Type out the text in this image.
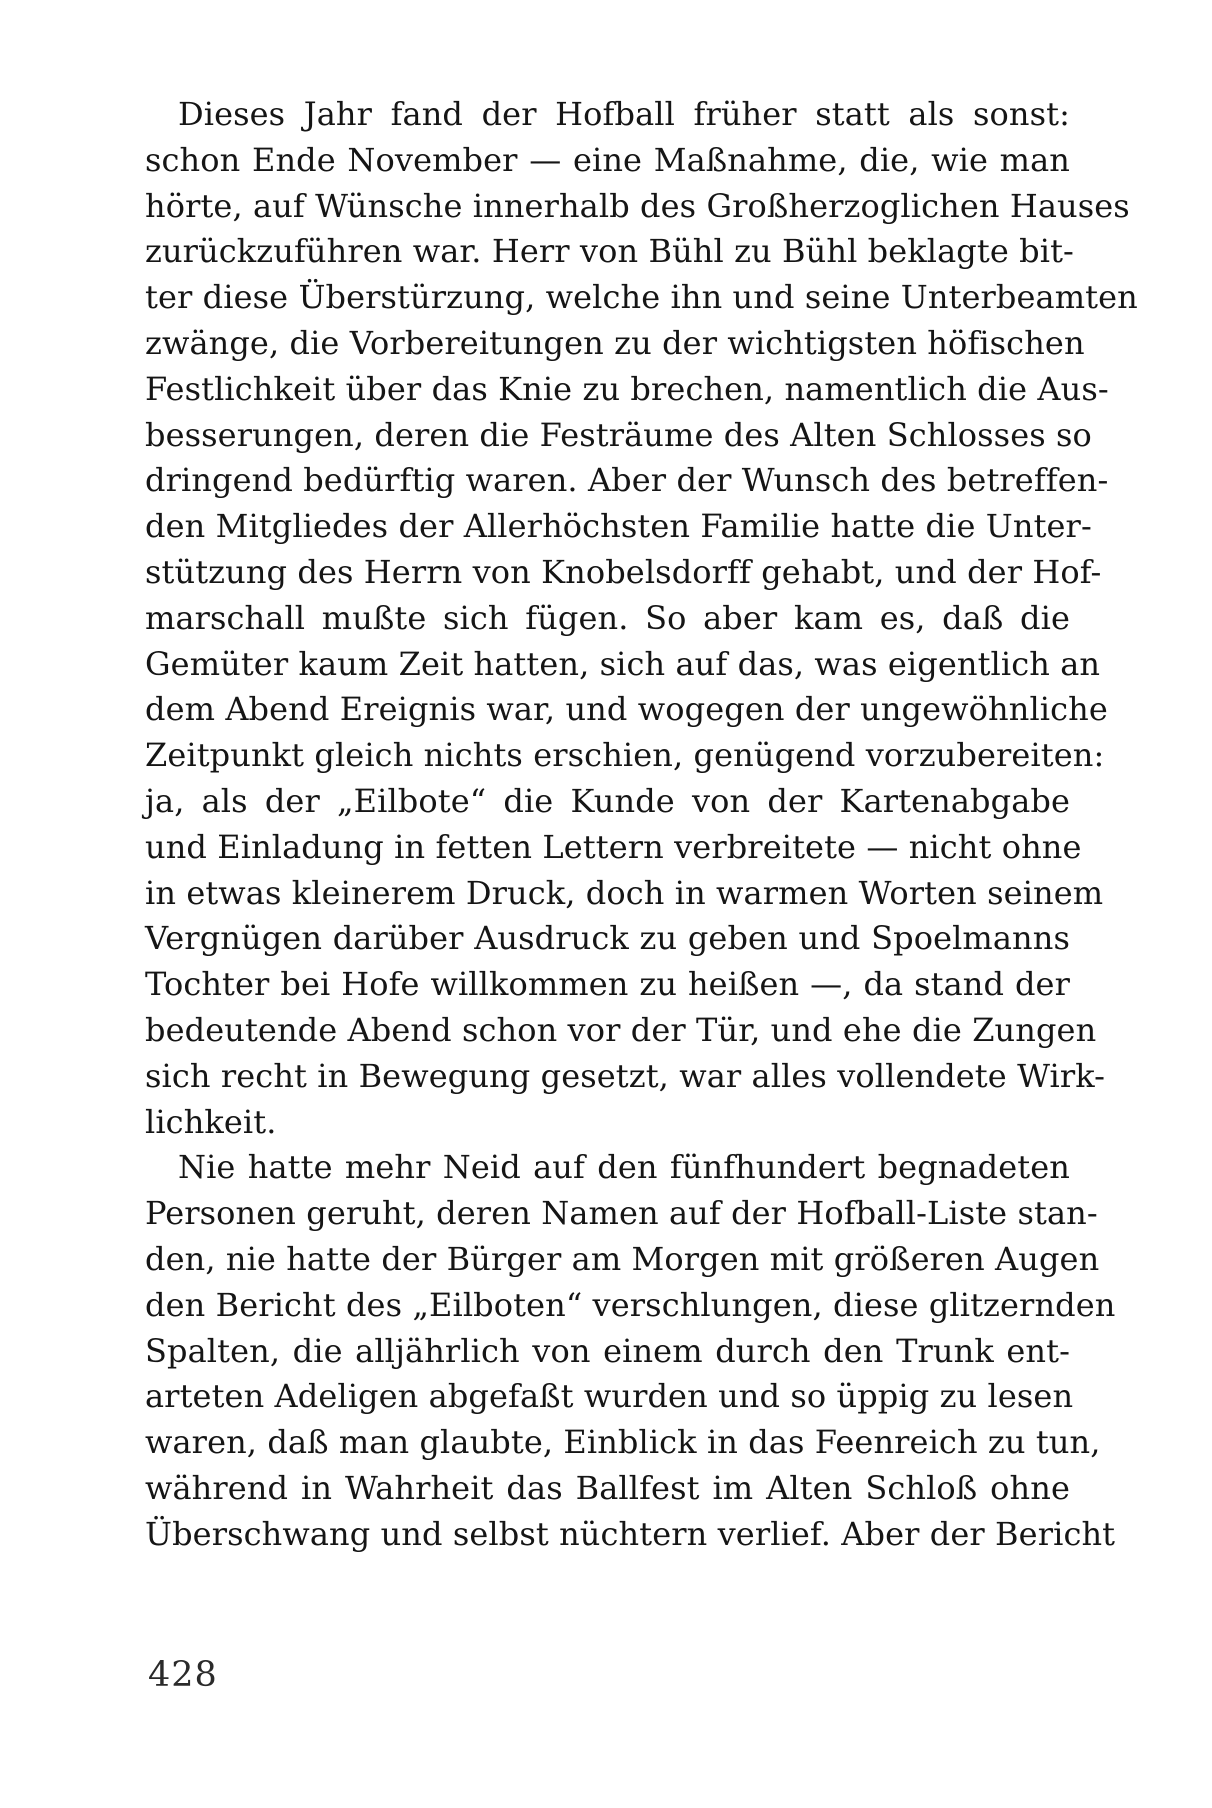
Dieses Jahr fand der Hofball früher statt als sonst:
schon Ende November — eine Maßnahme, die, wie man
hörte, auf Wünsche innerhalb des Großherzoglichen Hauses
zurückzuführen war. Herr von Bühl zu Bühl beklagte bit-
ter diese Überstürzung, welche ihn und seine Unterbeamten
zwänge, die Vorbereitungen zu der wichtigsten höfischen
Festlichkeit über das Knie zu brechen, namentlich die Aus-
besserungen, deren die Festräume des Alten Schlosses so
dringend bedürftig waren. Aber der Wunsch des betreffen-
den Mitgliedes der Allerhöchsten Familie hatte die Unter-
stützung des Herrn von Knobelsdorff gehabt, und der Hof-
marschall mußte sich fügen. So aber kam es, daß die
Gemüter kaum Zeit hatten, sich auf das, was eigentlich an
dem Abend Ereignis war, und wogegen der ungewöhnliche
Zeitpunkt gleich nichts erschien, genügend vorzubereiten:
ja, als der „Eilbote“ die Kunde von der Kartenabgabe
und Einladung in fetten Lettern verbreitete — nicht ohne
in etwas kleinerem Druck, doch in warmen Worten seinem
Vergnügen darüber Ausdruck zu geben und Spoelmanns
Tochter bei Hofe willkommen zu heißen —, da stand der
bedeutende Abend schon vor der Tür, und ehe die Zungen
sich recht in Bewegung gesetzt, war alles vollendete Wirk-
lichkeit.

Nie hatte mehr Neid auf den fünfhundert begnadeten
Personen geruht, deren Namen auf der Hofball-Liste stan-
den, nie hatte der Bürger am Morgen mit größeren Augen
den Bericht des „Eilboten“ verschlungen, diese glitzernden
Spalten, die alljährlich von einem durch den Trunk ent-
arteten Adeligen abgefaßt wurden und so üppig zu lesen
waren, daß man glaubte, Einblick in das Feenreich zu tun,
während in Wahrheit das Ballfest im Alten Schloß ohne
Überschwang und selbst nüchtern verlief. Aber der Bericht

428
